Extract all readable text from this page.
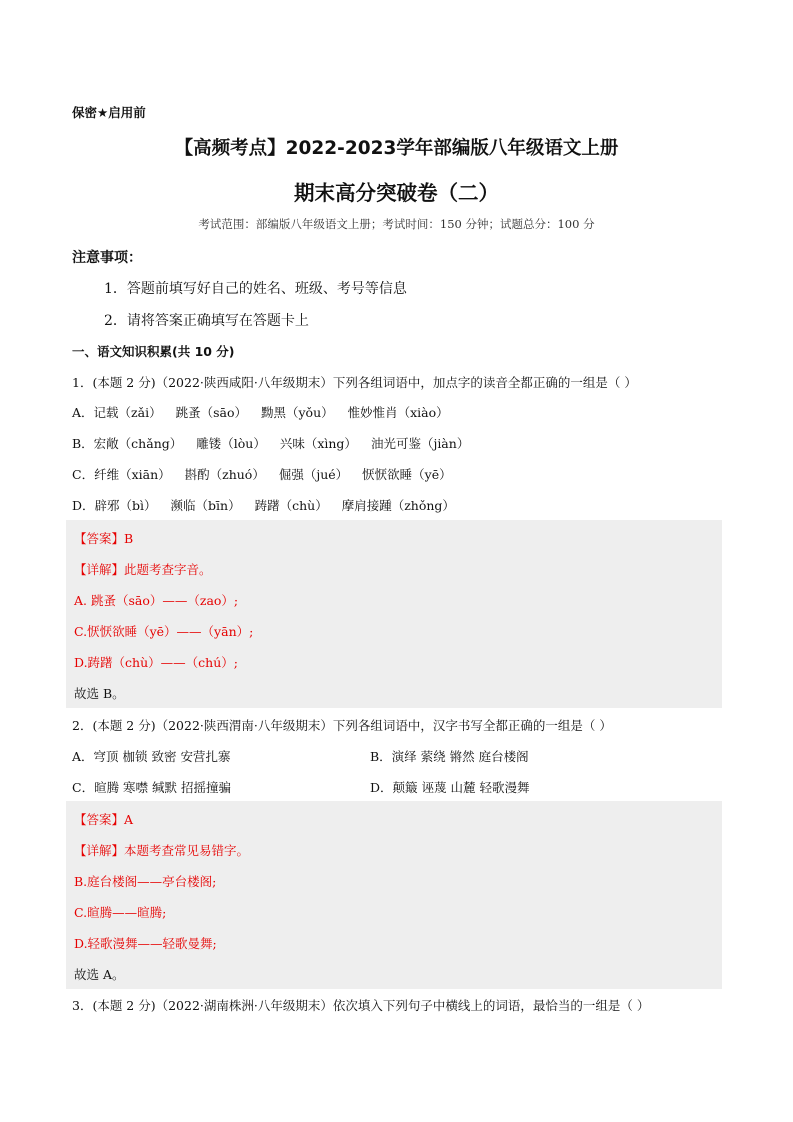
保密★启用前
【高频考点】2022-2023学年部编版八年级语文上册
期末高分突破卷（二）
考试范围：部编版八年级语文上册；考试时间：150 分钟；试题总分：100 分
注意事项：
1．答题前填写好自己的姓名、班级、考号等信息
2．请将答案正确填写在答题卡上
一、语文知识积累(共 10 分)
1．(本题 2 分)（2022·陕西咸阳·八年级期末）下列各组词语中，加点字的读音全都正确的一组是（ ）
A．记载（zǎi） 跳蚤（sāo） 黝黑（yǒu） 惟妙惟肖（xiào）
B．宏敞（chǎng） 雕镂（lòu） 兴味（xìng） 油光可鉴（jiàn）
C．纤维（xiān） 斟酌（zhuó） 倔强（jué） 恹恹欲睡（yē）
D．辟邪（bì） 濒临（bīn） 踌躇（chù） 摩肩接踵（zhǒng）
【答案】B
【详解】此题考查字音。
A. 跳蚤（sāo）——（zao）;
C.恹恹欲睡（yē）——（yān）;
D.踌躇（chù）——（chú）;
故选 B。
2．(本题 2 分)（2022·陕西渭南·八年级期末）下列各组词语中，汉字书写全都正确的一组是（ ）
A．穹顶 枷锁 致密 安营扎寨	B．演绎 萦绕 锵然 庭台楼阁
C．暄腾 寒噤 缄默 招摇撞骗	D．颠簸 诬蔑 山麓 轻歌漫舞
【答案】A
【详解】本题考查常见易错字。
B.庭台楼阁——亭台楼阁;
C.暄腾——暄腾;
D.轻歌漫舞——轻歌曼舞;
故选 A。
3．(本题 2 分)（2022·湖南株洲·八年级期末）依次填入下列句子中横线上的词语，最恰当的一组是（ ）
